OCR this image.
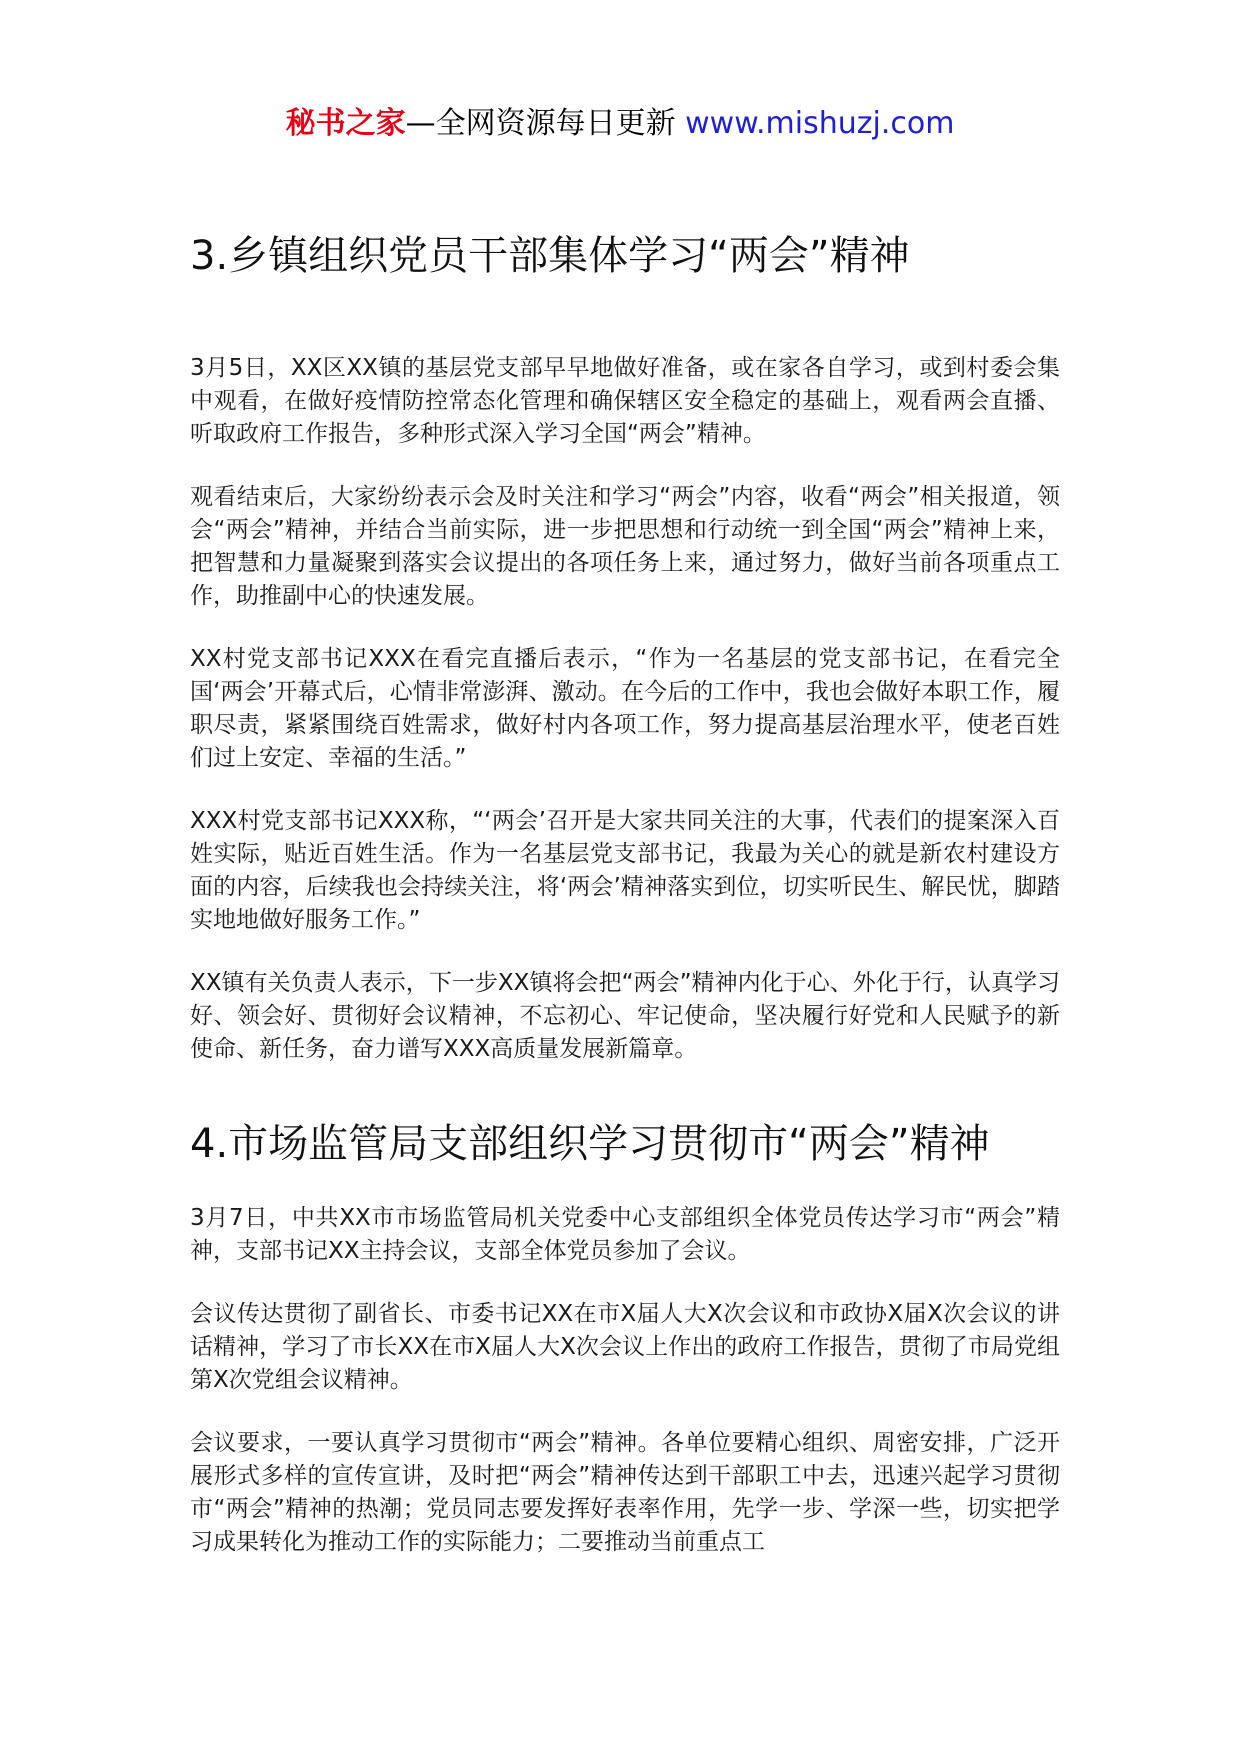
秘书之家—全网资源每日更新 www.mishuzj.com
3.乡镇组织党员干部集体学习“两会”精神

3月5日，XX区XX镇的基层党支部早早地做好准备，或在家各自学习，或到村委会集中观看，在做好疫情防控常态化管理和确保辖区安全稳定的基础上，观看两会直播、听取政府工作报告，多种形式深入学习全国“两会”精神。

观看结束后，大家纷纷表示会及时关注和学习“两会”内容，收看“两会”相关报道，领会“两会”精神，并结合当前实际，进一步把思想和行动统一到全国“两会”精神上来，把智慧和力量凝聚到落实会议提出的各项任务上来，通过努力，做好当前各项重点工作，助推副中心的快速发展。

XX村党支部书记XXX在看完直播后表示，“作为一名基层的党支部书记，在看完全国‘两会’开幕式后，心情非常澎湃、激动。在今后的工作中，我也会做好本职工作，履职尽责，紧紧围绕百姓需求，做好村内各项工作，努力提高基层治理水平，使老百姓们过上安定、幸福的生活。”

XXX村党支部书记XXX称，“‘两会’召开是大家共同关注的大事，代表们的提案深入百姓实际，贴近百姓生活。作为一名基层党支部书记，我最为关心的就是新农村建设方面的内容，后续我也会持续关注，将‘两会’精神落实到位，切实听民生、解民忧，脚踏实地地做好服务工作。”

XX镇有关负责人表示，下一步XX镇将会把“两会”精神内化于心、外化于行，认真学习好、领会好、贯彻好会议精神，不忘初心、牢记使命，坚决履行好党和人民赋予的新使命、新任务，奋力谱写XXX高质量发展新篇章。

4.市场监管局支部组织学习贯彻市“两会”精神

3月7日，中共XX市市场监管局机关党委中心支部组织全体党员传达学习市“两会”精神，支部书记XX主持会议，支部全体党员参加了会议。

会议传达贯彻了副省长、市委书记XX在市X届人大X次会议和市政协X届X次会议的讲话精神，学习了市长XX在市X届人大X次会议上作出的政府工作报告，贯彻了市局党组第X次党组会议精神。

会议要求，一要认真学习贯彻市“两会”精神。各单位要精心组织、周密安排，广泛开展形式多样的宣传宣讲，及时把“两会”精神传达到干部职工中去，迅速兴起学习贯彻市“两会”精神的热潮；党员同志要发挥好表率作用，先学一步、学深一些，切实把学习成果转化为推动工作的实际能力；二要推动当前重点工
